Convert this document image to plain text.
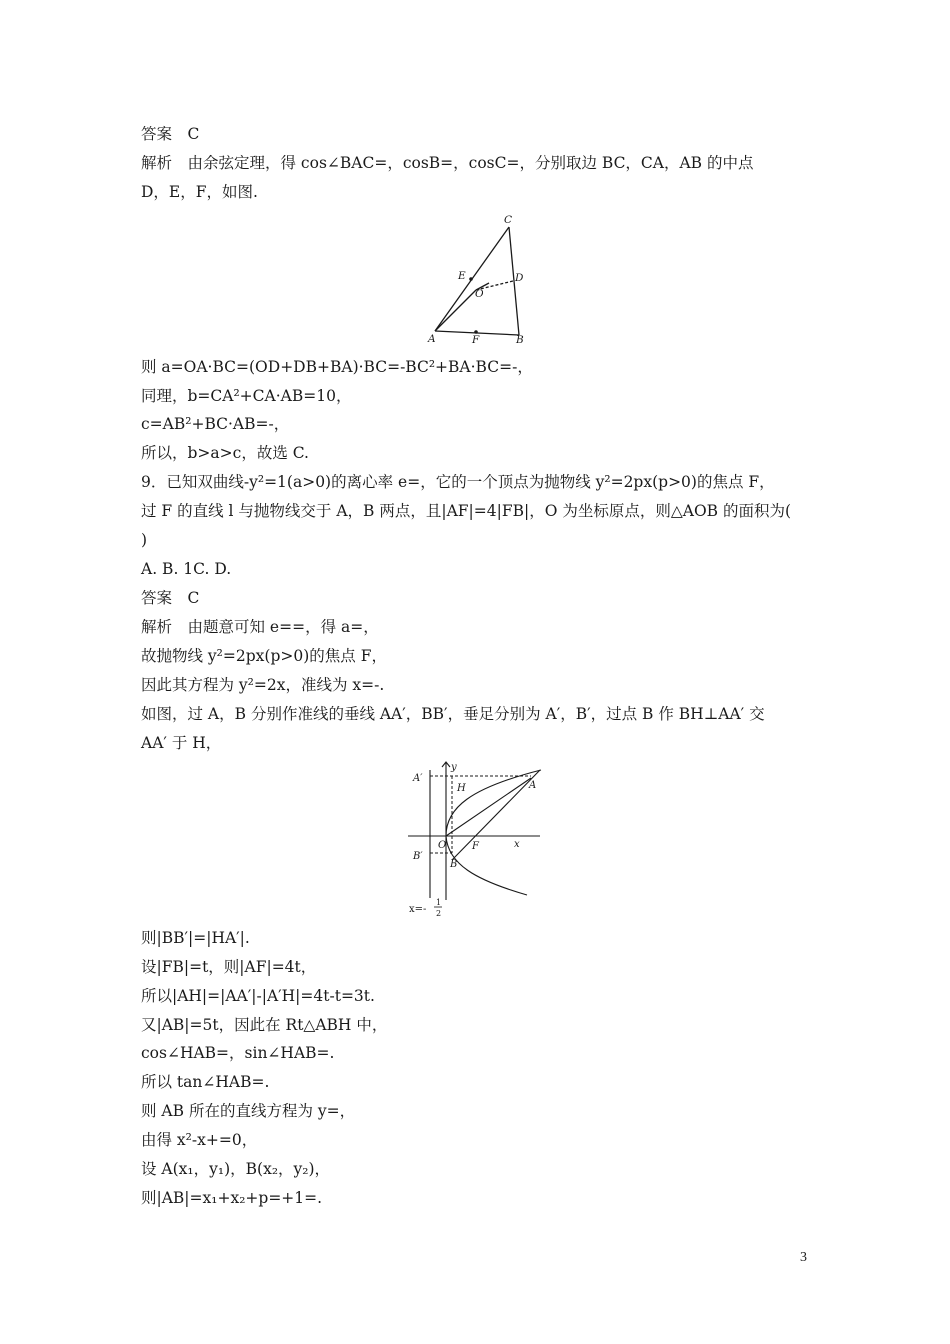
答案　C
解析　由余弦定理，得 cos∠BAC=，cosB=，cosC=，分别取边 BC，CA，AB 的中点
D，E，F，如图.
C
E	D
O
A	F	B
则 a=OA·BC=(OD+DB+BA)·BC=-BC²+BA·BC=-，
同理，b=CA²+CA·AB=10，
c=AB²+BC·AB=-，
所以，b>a>c，故选 C.
9．已知双曲线-y²=1(a>0)的离心率 e=，它的一个顶点为抛物线 y²=2px(p>0)的焦点 F，
过 F 的直线 l 与抛物线交于 A，B 两点，且|AF|=4|FB|，O 为坐标原点，则△AOB 的面积为(
)
A. B. 1C. D.
答案　C
解析　由题意可知 e==，得 a=，
故抛物线 y²=2px(p>0)的焦点 F，
因此其方程为 y²=2x，准线为 x=-.
如图，过 A，B 分别作准线的垂线 AA′，BB′，垂足分别为 A′，B′，过点 B 作 BH⊥AA′ 交
AA′ 于 H，
A′
y
H	A
B′
O	F	x
B
x=-
1
2
则|BB′|=|HA′|.
设|FB|=t，则|AF|=4t，
所以|AH|=|AA′|-|A′H|=4t-t=3t.
又|AB|=5t，因此在 Rt△ABH 中，
cos∠HAB=，sin∠HAB=.
所以 tan∠HAB=.
则 AB 所在的直线方程为 y=，
由得 x²-x+=0，
设 A(x₁，y₁)，B(x₂，y₂)，
则|AB|=x₁+x₂+p=+1=.
3
